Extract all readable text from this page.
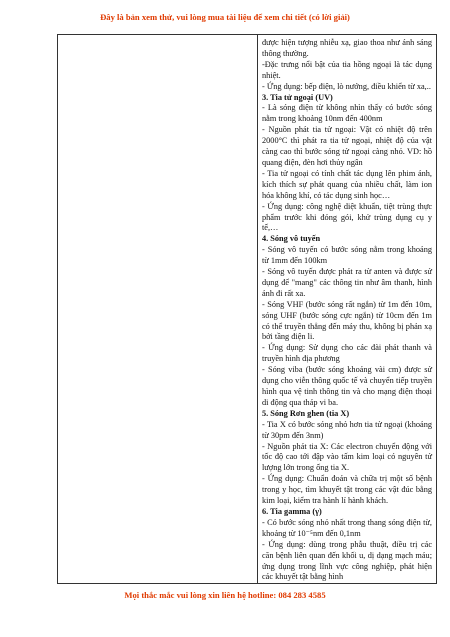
Đây là bản xem thử, vui lòng mua tài liệu để xem chi tiết (có lời giải)

được hiện tượng nhiễu xạ, giao thoa như ánh sáng thông thường.

-Đặc trưng nổi bật của tia hồng ngoại là tác dụng nhiệt.

- Ứng dụng: bếp điện, lò nướng, điều khiển từ xa,..

3. Tia tử ngoại (UV)

- Là sóng điện từ không nhìn thấy có bước sóng nằm trong khoảng 10nm đến 400nm

- Nguồn phát tia tử ngoại: Vật có nhiệt độ trên 2000°C thì phát ra tia tử ngoại, nhiệt độ của vật càng cao thì bước sóng tử ngoại càng nhỏ. VD: hồ quang điện, đèn hơi thủy ngân

- Tia tử ngoại có tính chất tác dụng lên phim ảnh, kích thích sự phát quang của nhiều chất, làm ion hóa không khí, có tác dụng sinh học…

- Ứng dụng: công nghệ diệt khuẩn, tiệt trùng thực phẩm trước khi đóng gói, khử trùng dụng cụ y tế,…

4. Sóng vô tuyến

- Sóng vô tuyến có bước sóng nằm trong khoảng từ 1mm đến 100km

- Sóng vô tuyến được phát ra từ anten và được sử dụng để "mang" các thông tin như âm thanh, hình ảnh đi rất xa.

- Sóng VHF (bước sóng rất ngắn) từ 1m đến 10m, sóng UHF (bước sóng cực ngắn) từ 10cm đến 1m có thể truyền thẳng đến máy thu, không bị phản xạ bởi tầng điện li.

- Ứng dụng: Sử dụng cho các đài phát thanh và truyền hình địa phương

- Sóng viba (bước sóng khoảng vài cm) được sử dụng cho viễn thông quốc tế và chuyển tiếp truyền hình qua vệ tinh thông tin và cho mạng điện thoại di động qua tháp vi ba.

5. Sóng Rơn ghen (tia X)

- Tia X có bước sóng nhỏ hơn tia tử ngoại (khoảng từ 30pm đến 3nm)

- Nguồn phát tia X: Các electron chuyển động với tốc độ cao tới đập vào tấm kim loại có nguyên tử lượng lớn trong ống tia X.

- Ứng dụng: Chuẩn đoán và chữa trị một số bệnh trong y học, tìm khuyết tật trong các vật đúc bằng kim loại, kiểm tra hành lí hành khách.

6. Tia gamma (γ)

- Có bước sóng nhỏ nhất trong thang sóng điện từ, khoảng từ 10⁻⁵nm đến 0,1nm

- Ứng dụng: dùng trong phẫu thuật, điều trị các căn bệnh liên quan đến khối u, dị dạng mạch máu; ứng dụng trong lĩnh vực công nghiệp, phát hiện các khuyết tật bằng hình

Mọi thắc mắc vui lòng xin liên hệ hotline: 084 283 4585
